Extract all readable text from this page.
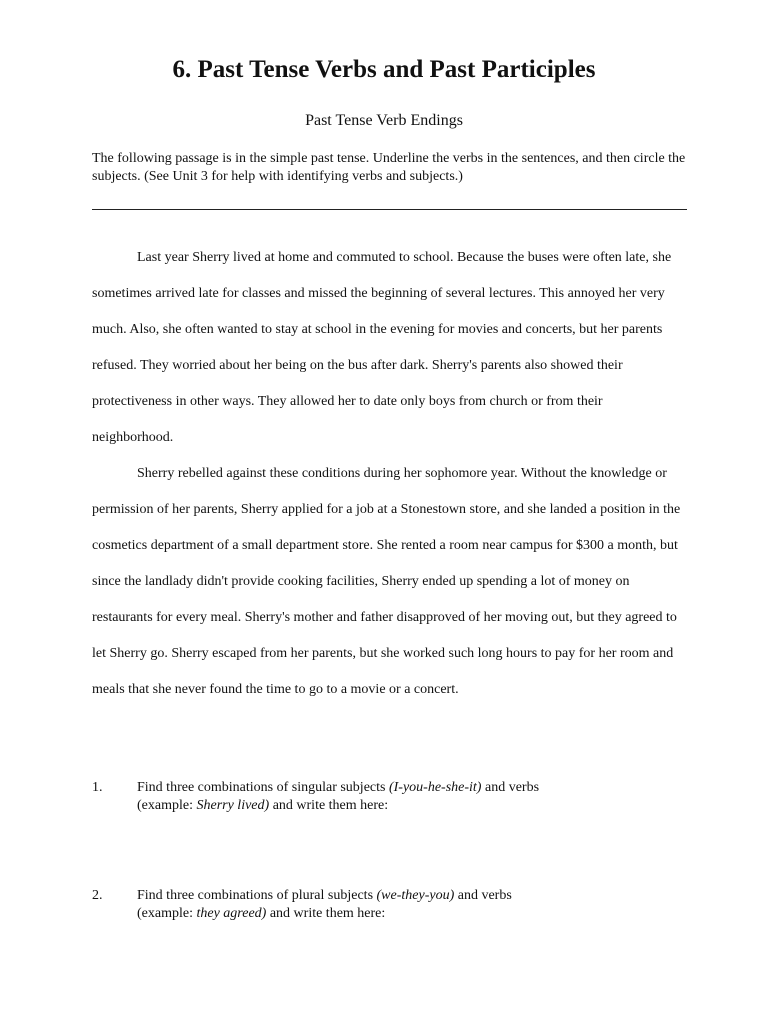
6. Past Tense Verbs and Past Participles
Past Tense Verb Endings
The following passage is in the simple past tense. Underline the verbs in the sentences, and then circle the subjects. (See Unit 3 for help with identifying verbs and subjects.)

Last year Sherry lived at home and commuted to school. Because the buses were often late, she sometimes arrived late for classes and missed the beginning of several lectures. This annoyed her very much. Also, she often wanted to stay at school in the evening for movies and concerts, but her parents refused. They worried about her being on the bus after dark. Sherry's parents also showed their protectiveness in other ways. They allowed her to date only boys from church or from their neighborhood.

Sherry rebelled against these conditions during her sophomore year. Without the knowledge or permission of her parents, Sherry applied for a job at a Stonestown store, and she landed a position in the cosmetics department of a small department store. She rented a room near campus for $300 a month, but since the landlady didn't provide cooking facilities, Sherry ended up spending a lot of money on restaurants for every meal. Sherry's mother and father disapproved of her moving out, but they agreed to let Sherry go. Sherry escaped from her parents, but she worked such long hours to pay for her room and meals that she never found the time to go to a movie or a concert.

1.	Find three combinations of singular subjects (I-you-he-she-it) and verbs
(example: Sherry lived) and write them here:
2.	Find three combinations of plural subjects (we-they-you) and verbs
(example: they agreed) and write them here:
